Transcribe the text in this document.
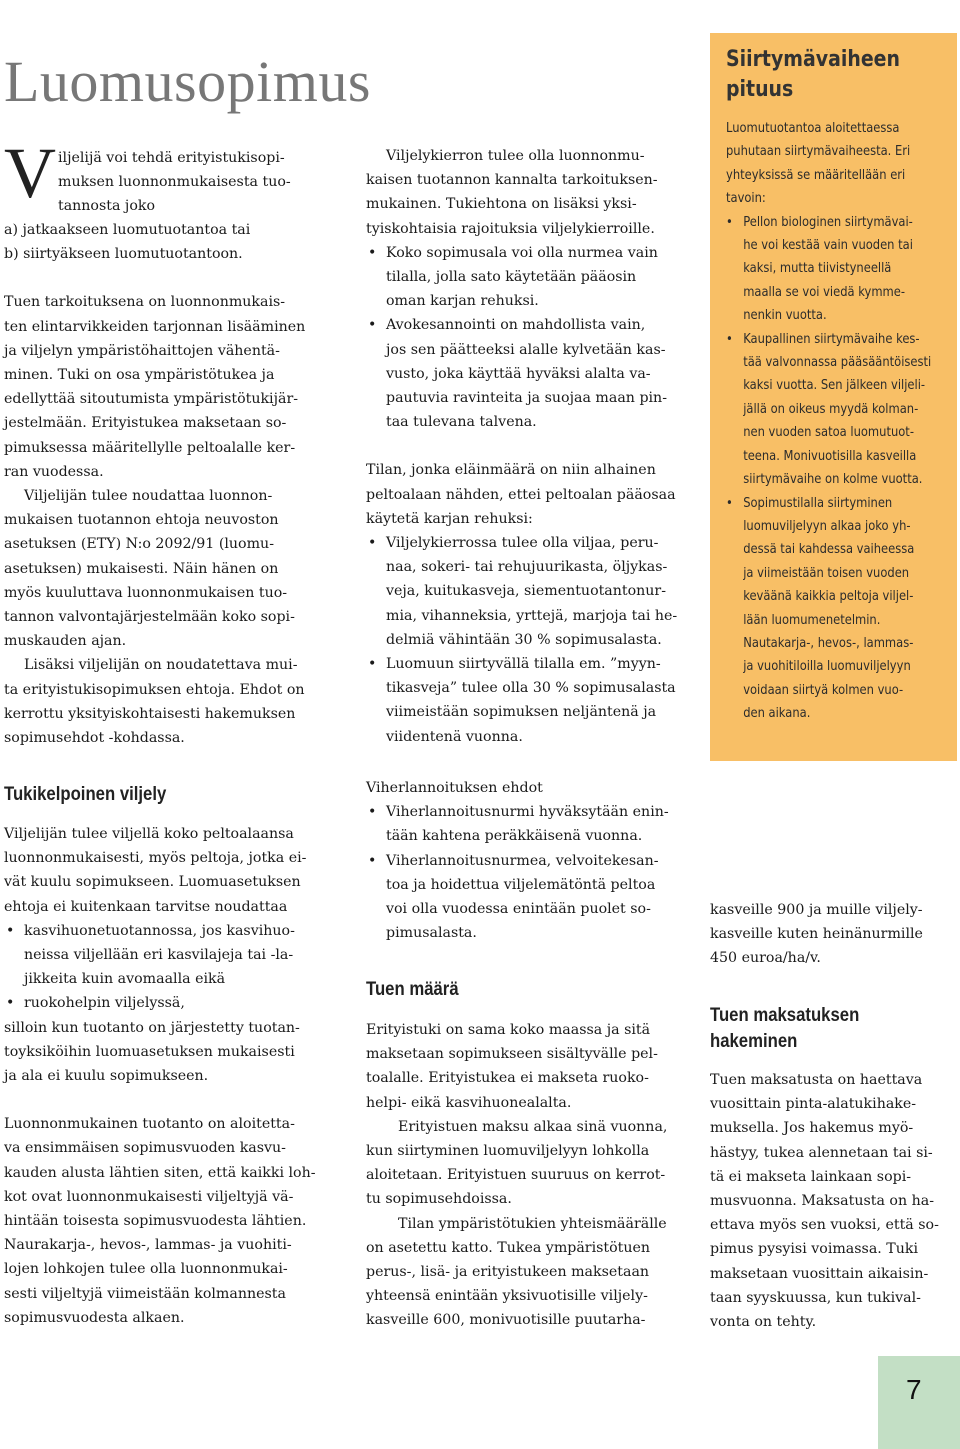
Luomusopimus
V iljelijä voi tehdä erityistukisopi-
muksen luonnonmukaisesta tuo-
tannosta joko
a) jatkaakseen luomutuotantoa tai
b) siirtyäkseen luomutuotantoon.
Tuen tarkoituksena on luonnonmukais-
ten elintarvikkeiden tarjonnan lisääminen
ja viljelyn ympäristöhaittojen vähentä-
minen. Tuki on osa ympäristötukea ja
edellyttää sitoutumista ympäristötukijär-
jestelmään. Erityistukea maksetaan so-
pimuksessa määritellylle peltoalalle ker-
ran vuodessa.
Viljelijän tulee noudattaa luonnon-
mukaisen tuotannon ehtoja neuvoston
asetuksen (ETY) N:o 2092/91 (luomu-
asetuksen) mukaisesti. Näin hänen on
myös kuuluttava luonnonmukaisen tuo-
tannon valvontajärjestelmään koko sopi-
muskauden ajan.
Lisäksi viljelijän on noudatettava mui-
ta erityistukisopimuksen ehtoja. Ehdot on
kerrottu yksityiskohtaisesti hakemuksen
sopimusehdot -kohdassa.
Tukikelpoinen viljely
Viljelijän tulee viljellä koko peltoalaansa
luonnonmukaisesti, myös peltoja, jotka ei-
vät kuulu sopimukseen. Luomuasetuksen
ehtoja ei kuitenkaan tarvitse noudattaa
• kasvihuonetuotannossa, jos kasvihuo-
neissa viljellään eri kasvilajeja tai -la-
jikkeita kuin avomaalla eikä
• ruokohelpin viljelyssä,
silloin kun tuotanto on järjestetty tuotan-
toyksiköihin luomuasetuksen mukaisesti
ja ala ei kuulu sopimukseen.
Luonnonmukainen tuotanto on aloitetta-
va ensimmäisen sopimusvuoden kasvu-
kauden alusta lähtien siten, että kaikki loh-
kot ovat luonnonmukaisesti viljeltyjä vä-
hintään toisesta sopimusvuodesta lähtien.
Naurakarja-, hevos-, lammas- ja vuohiti-
lojen lohkojen tulee olla luonnonmukai-
sesti viljeltyjä viimeistään kolmannesta
sopimusvuodesta alkaen.
Viljelykierron tulee olla luonnonmu-
kaisen tuotannon kannalta tarkoituksen-
mukainen. Tukiehtona on lisäksi yksi-
tyiskohtaisia rajoituksia viljelykierroille.
• Koko sopimusala voi olla nurmea vain
tilalla, jolla sato käytetään pääosin
oman karjan rehuksi.
• Avokesannointi on mahdollista vain,
jos sen päätteeksi alalle kylvetään kas-
vusto, joka käyttää hyväksi alalta va-
pautuvia ravinteita ja suojaa maan pin-
taa tulevana talvena.
Tilan, jonka eläinmäärä on niin alhainen
peltoalaan nähden, ettei peltoalan pääosaa
käytetä karjan rehuksi:
• Viljelykierrossa tulee olla viljaa, peru-
naa, sokeri- tai rehujuurikasta, öljykas-
veja, kuitukasveja, siementuotantonur-
mia, vihanneksia, yrttejä, marjoja tai he-
delmiä vähintään 30 % sopimusalasta.
• Luomuun siirtyvällä tilalla em. ”myyn-
tikasveja” tulee olla 30 % sopimusalasta
viimeistään sopimuksen neljäntenä ja
viidentenä vuonna.
Viherlannoituksen ehdot
• Viherlannoitusnurmi hyväksytään enin-
tään kahtena peräkkäisenä vuonna.
• Viherlannoitusnurmea, velvoitekesan-
toa ja hoidettua viljelemätöntä peltoa
voi olla vuodessa enintään puolet so-
pimusalasta.
Tuen määrä
Erityistuki on sama koko maassa ja sitä
maksetaan sopimukseen sisältyvälle pel-
toalalle. Erityistukea ei makseta ruoko-
helpi- eikä kasvihuonealalta.
Erityistuen maksu alkaa sinä vuonna,
kun siirtyminen luomuviljelyyn lohkolla
aloitetaan. Erityistuen suuruus on kerrot-
tu sopimusehdoissa.
Tilan ympäristötukien yhteismäärälle
on asetettu katto. Tukea ympäristötuen
perus-, lisä- ja erityistukeen maksetaan
yhteensä enintään yksivuotisille viljely-
kasveille 600, monivuotisille puutarha-
kasveille 900 ja muille viljely-
kasveille kuten heinänurmille
450 euroa/ha/v.
Tuen maksatuksen
hakeminen
Tuen maksatusta on haettava
vuosittain pinta-alatukihake-
muksella. Jos hakemus myö-
hästyy, tukea alennetaan tai si-
tä ei makseta lainkaan sopi-
musvuonna. Maksatusta on ha-
ettava myös sen vuoksi, että so-
pimus pysyisi voimassa. Tuki
maksetaan vuosittain aikaisin-
taan syyskuussa, kun tukival-
vonta on tehty.
Siirtymävaiheen
pituus
Luomutuotantoa aloitettaessa
puhutaan siirtymävaiheesta. Eri
yhteyksissä se määritellään eri
tavoin:
• Pellon biologinen siirtymävai-
he voi kestää vain vuoden tai
kaksi, mutta tiivistyneellä
maalla se voi viedä kymme-
nenkin vuotta.
• Kaupallinen siirtymävaihe kes-
tää valvonnassa pääsääntöisesti
kaksi vuotta. Sen jälkeen viljeli-
jällä on oikeus myydä kolman-
nen vuoden satoa luomutuot-
teena. Monivuotisilla kasveilla
siirtymävaihe on kolme vuotta.
• Sopimustilalla siirtyminen
luomuviljelyyn alkaa joko yh-
dessä tai kahdessa vaiheessa
ja viimeistään toisen vuoden
keväänä kaikkia peltoja viljel-
lään luomumenetelmin.
Nautakarja-, hevos-, lammas-
ja vuohitiloilla luomuviljelyyn
voidaan siirtyä kolmen vuo-
den aikana.
7
